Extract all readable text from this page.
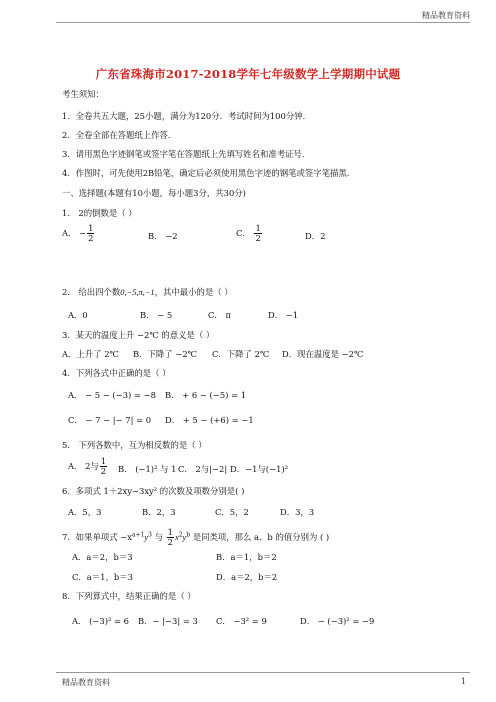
精品教育资料
广东省珠海市2017-2018学年七年级数学上学期期中试题
考生须知：
1．全卷共五大题，25小题，满分为120分．考试时间为100分钟．
2．全卷全部在答题纸上作答．
3．请用黑色字迹钢笔或签字笔在答题纸上先填写姓名和准考证号．
4．作图时，可先使用2B铅笔，确定后必须使用黑色字迹的钢笔或签字笔描黑．
一、选择题(本题有10小题，每小题3分，共30分)
1． 2的倒数是（ ）
A． − $\frac{1}{2}$	B． −2	C． $\frac{1}{2}$	D．2
2． 给出四个数0,−5,π,−1，其中最小的是（ ）
A．0	B． − 5	C． π	D． −1
3．某天的温度上升 −2℃ 的意义是（ ）
A．上升了 2℃ B．下降了 −2℃ C．下降了 2℃ D．现在温度是 −2℃
4．下列各式中正确的是（ ）
A． − 5 − (−3) = −8 B． + 6 − (−5) = 1
C． − 7 − |− 7| = 0 D． + 5 − (+6) = −1
5． 下列各数中，互为相反数的是（ ）
A． 2与 $\frac{1}{2}$ B． (−1)² 与 1 C． 2与|−2| D．−1与(−1)²
6．多项式 1＋2xy−3xy² 的次数及项数分别是( )
A．5，3	B．2，3	C．5，2	D．3，3
7．如果单项式 $-x^{a+1}y^3$ 与 $\frac{1}{2} x^2y^b$ 是同类项，那么 a、b 的值分别为 ( )
A．a＝2，b＝3	B．a＝1，b＝2
C．a＝1，b＝3	D．a＝2，b＝2
8．下列算式中，结果正确的是（ ）
A． (−3)² = 6 B．− |−3| = 3 C． −3² = 9	D． − (−3)² = −9
精品教育资料	1
